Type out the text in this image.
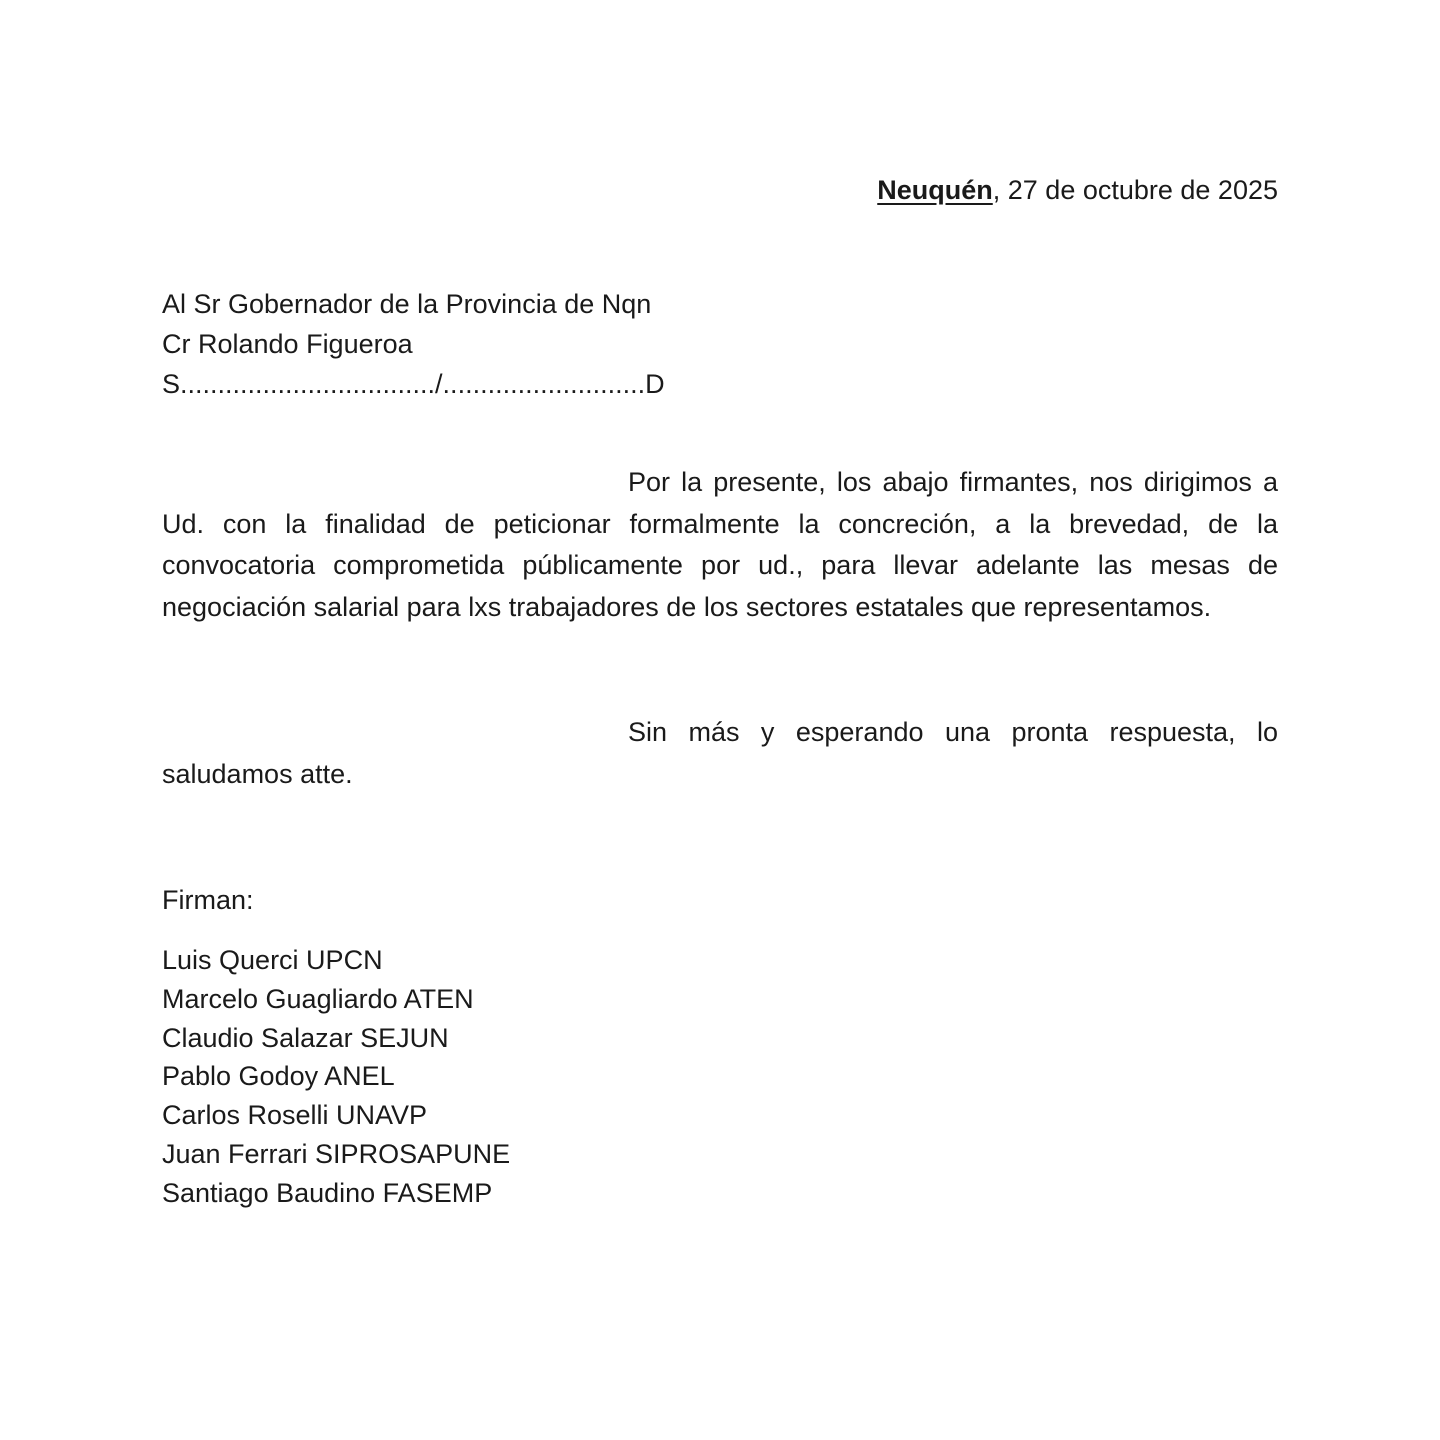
Neuquén, 27 de octubre de 2025
Al Sr Gobernador de la Provincia de Nqn
Cr Rolando Figueroa
S................................../...........................D

Por la presente, los abajo firmantes, nos dirigimos a Ud. con la finalidad de peticionar formalmente la concreción, a la brevedad, de la convocatoria comprometida públicamente por ud., para llevar adelante las mesas de negociación salarial para lxs trabajadores de los sectores estatales que representamos.

Sin más y esperando una pronta respuesta, lo saludamos atte.

Firman:
Luis Querci UPCN
Marcelo Guagliardo ATEN
Claudio Salazar SEJUN
Pablo Godoy ANEL
Carlos Roselli UNAVP
Juan Ferrari SIPROSAPUNE
Santiago Baudino FASEMP
